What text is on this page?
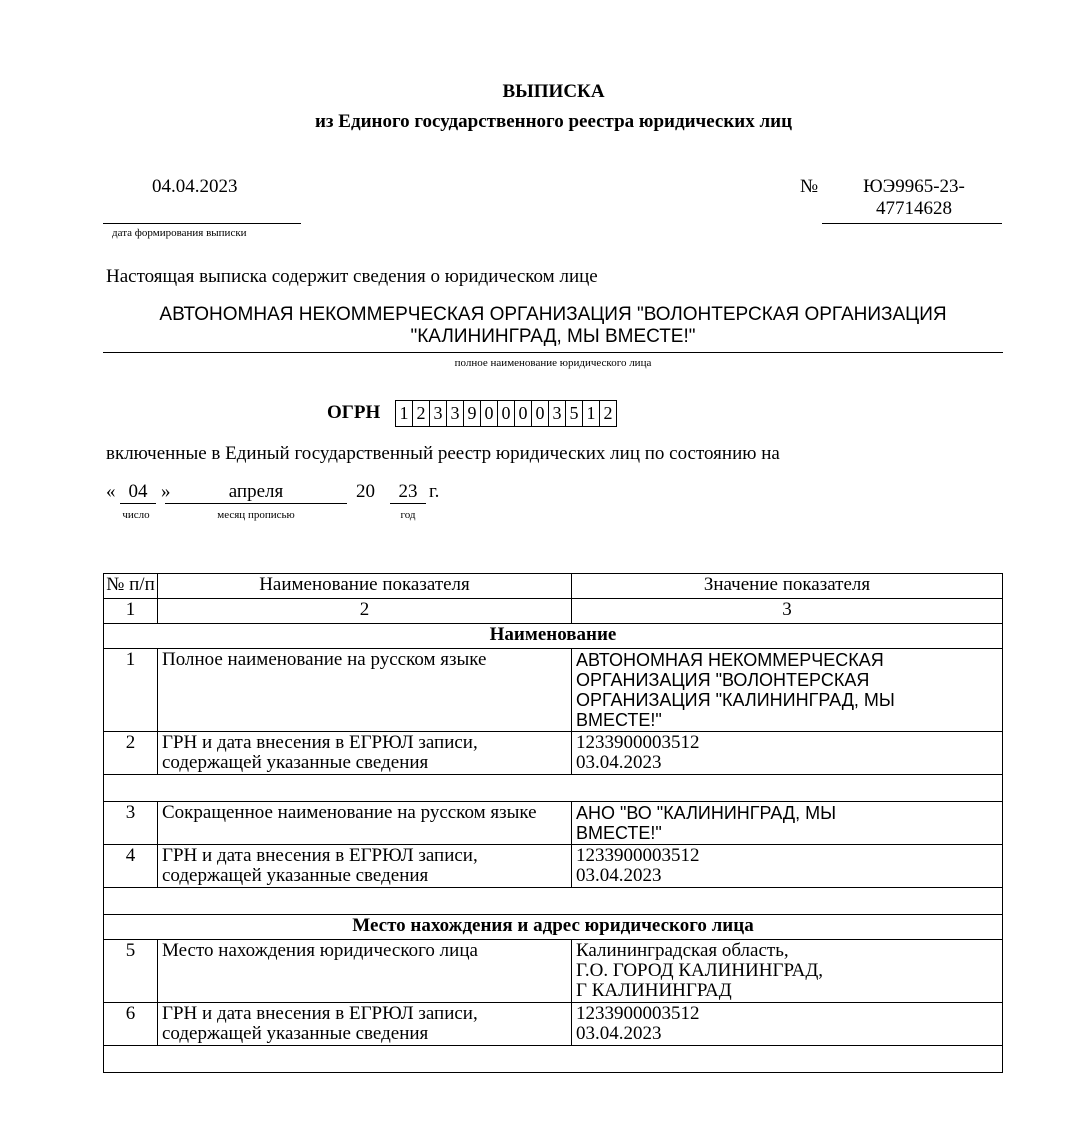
ВЫПИСКА
из Единого государственного реестра юридических лиц
04.04.2023
дата формирования выписки
№	ЮЭ9965-23-
47714628
Настоящая выписка содержит сведения о юридическом лице
АВТОНОМНАЯ НЕКОММЕРЧЕСКАЯ ОРГАНИЗАЦИЯ "ВОЛОНТЕРСКАЯ ОРГАНИЗАЦИЯ
"КАЛИНИНГРАД, МЫ ВМЕСТЕ!"
полное наименование юридического лица
ОГРН 1 2 3 3 9 0 0 0 0 3 5 1 2
включенные в Единый государственный реестр юридических лиц по состоянию на
« 04 »	апреля	20	23 г.
число	месяц прописью	год
№ п/п	Наименование показателя	Значение показателя
1	2	3
Наименование		
1	Полное наименование на русском языке	АВТОНОМНАЯ НЕКОММЕРЧЕСКАЯ
ОРГАНИЗАЦИЯ "ВОЛОНТЕРСКАЯ
ОРГАНИЗАЦИЯ "КАЛИНИНГРАД, МЫ
ВМЕСТЕ!"

2	ГРН и дата внесения в ЕГРЮЛ записи, содержащей указанные сведения	1233900003512
03.04.2023

3	Сокращенное наименование на русском языке	АНО "ВО "КАЛИНИНГРАД, МЫ
ВМЕСТЕ!"

4	ГРН и дата внесения в ЕГРЮЛ записи, содержащей указанные сведения	1233900003512
03.04.2023

Место нахождения и адрес юридического лица		
5	Место нахождения юридического лица	Калининградская область,
Г.О. ГОРОД КАЛИНИНГРАД,
Г КАЛИНИНГРАД

6	ГРН и дата внесения в ЕГРЮЛ записи, содержащей указанные сведения	1233900003512
03.04.2023
